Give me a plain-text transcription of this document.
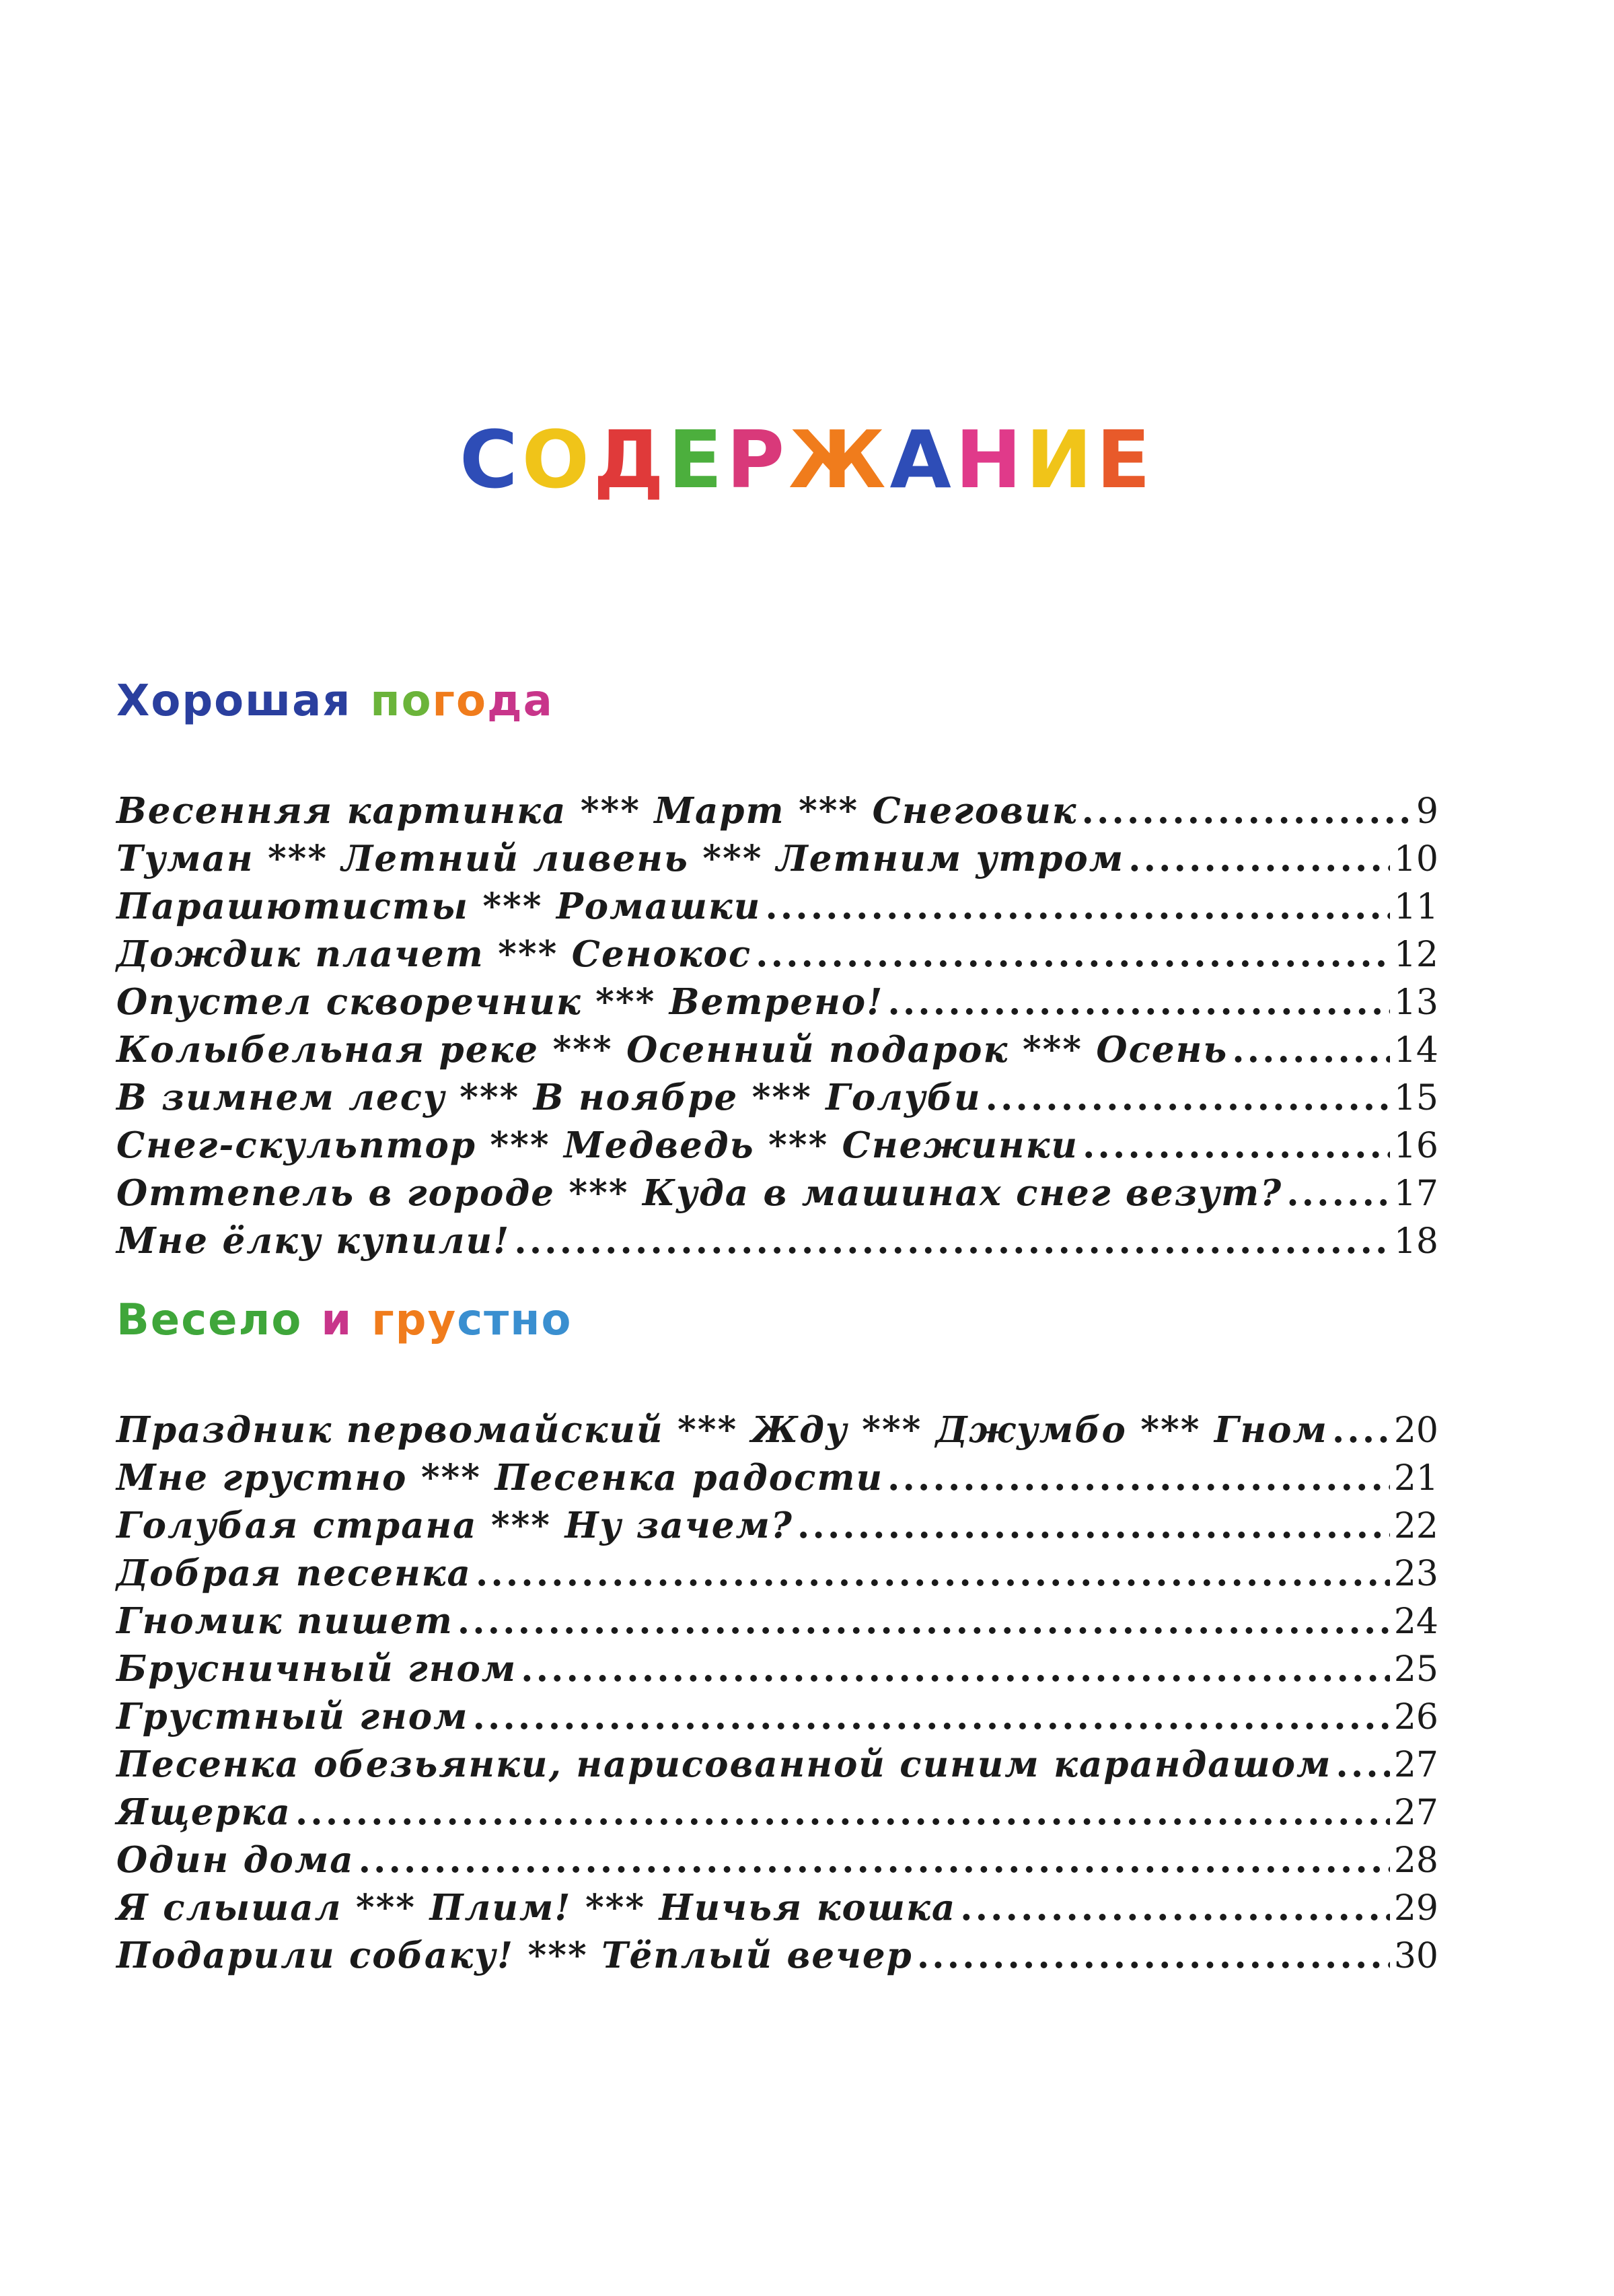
СОДЕРЖАНИЕ
Хорошая погода
Весенняя картинка *** Март *** Снеговик .....	9
Туман *** Летний ливень *** Летним утром .....	10
Парашютисты *** Ромашки .....	11
Дождик плачет *** Сенокос .....	12
Опустел скворечник *** Ветрено! .....	13
Колыбельная реке *** Осенний подарок *** Осень .....	14
В зимнем лесу *** В ноябре *** Голуби .....	15
Снег-скульптор *** Медведь *** Снежинки .....	16
Оттепель в городе *** Куда в машинах снег везут? .....	17
Мне ёлку купили! .....	18
Весело и грустно
Праздник первомайский *** Жду *** Джумбо *** Гном ..... 20
Мне грустно *** Песенка радости .....	21
Голубая страна *** Ну зачем? .....	22
Добрая песенка .....	23
Гномик пишет .....	24
Брусничный гном .....	25
Грустный гном .....	26
Песенка обезьянки, нарисованной синим карандашом ..... 27
Ящерка .....	27
Один дома .....	28
Я слышал *** Плим! *** Ничья кошка .....	29
Подарили собаку! *** Тёплый вечер .....	30
